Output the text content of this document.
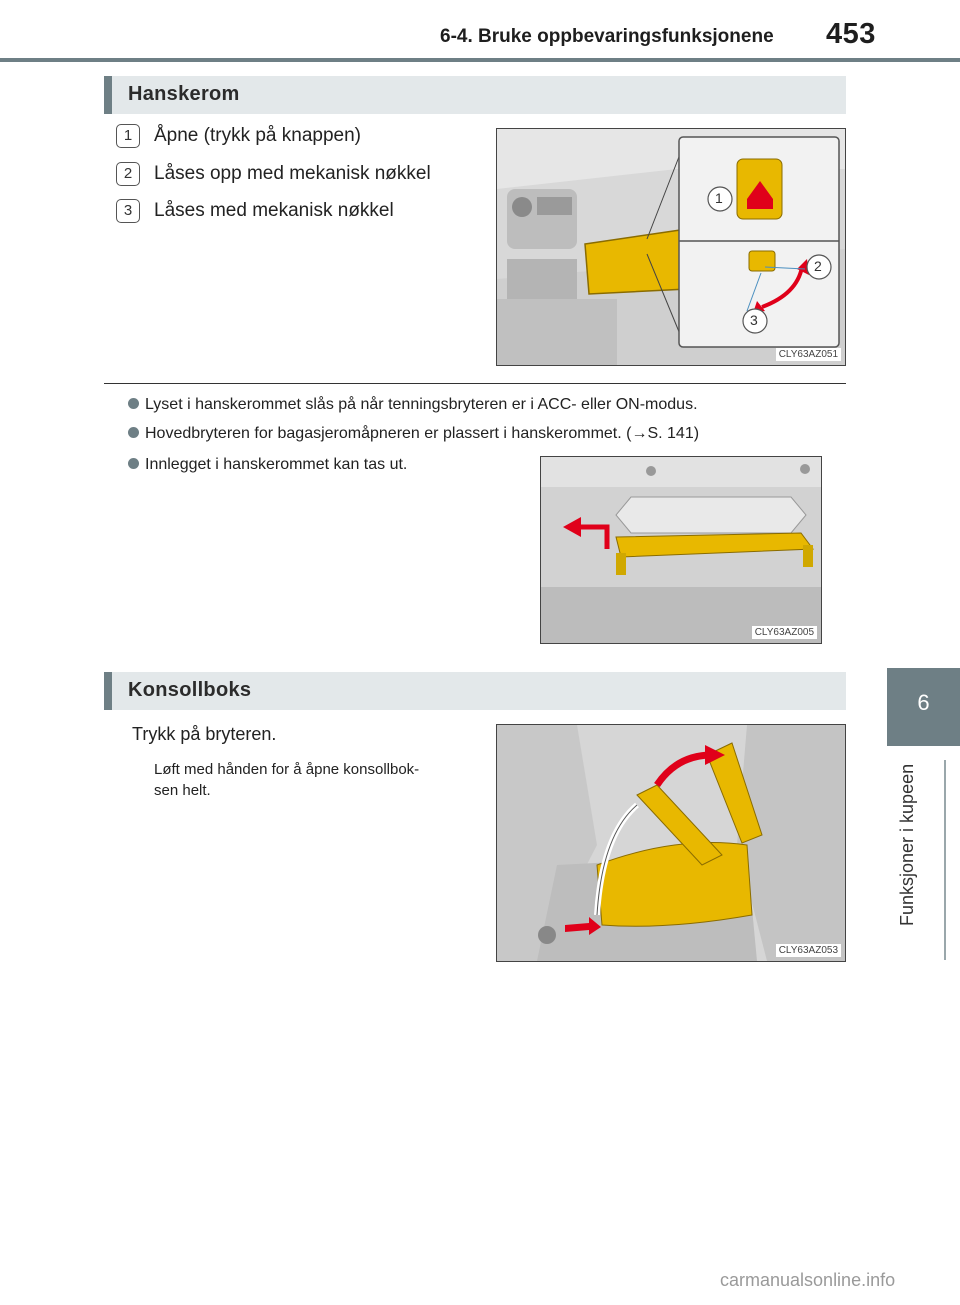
6-4. Bruke oppbevaringsfunksjonene 453
6
Funksjoner i kupeen
Hanskerom
1	Åpne (trykk på knappen)
2	Låses opp med mekanisk nøkkel
3	Låses med mekanisk nøkkel
1
2
3
CLY63AZ051
Lyset i hanskerommet slås på når tenningsbryteren er i ACC- eller ON-modus.
Hovedbryteren for bagasjeromåpneren er plassert i hanskerommet. (→S. 141)
Innlegget i hanskerommet kan tas ut.
CLY63AZ005
Konsollboks
Trykk på bryteren.
Løft med hånden for å åpne konsollbok-
sen helt.
CLY63AZ053
carmanualsonline.info
